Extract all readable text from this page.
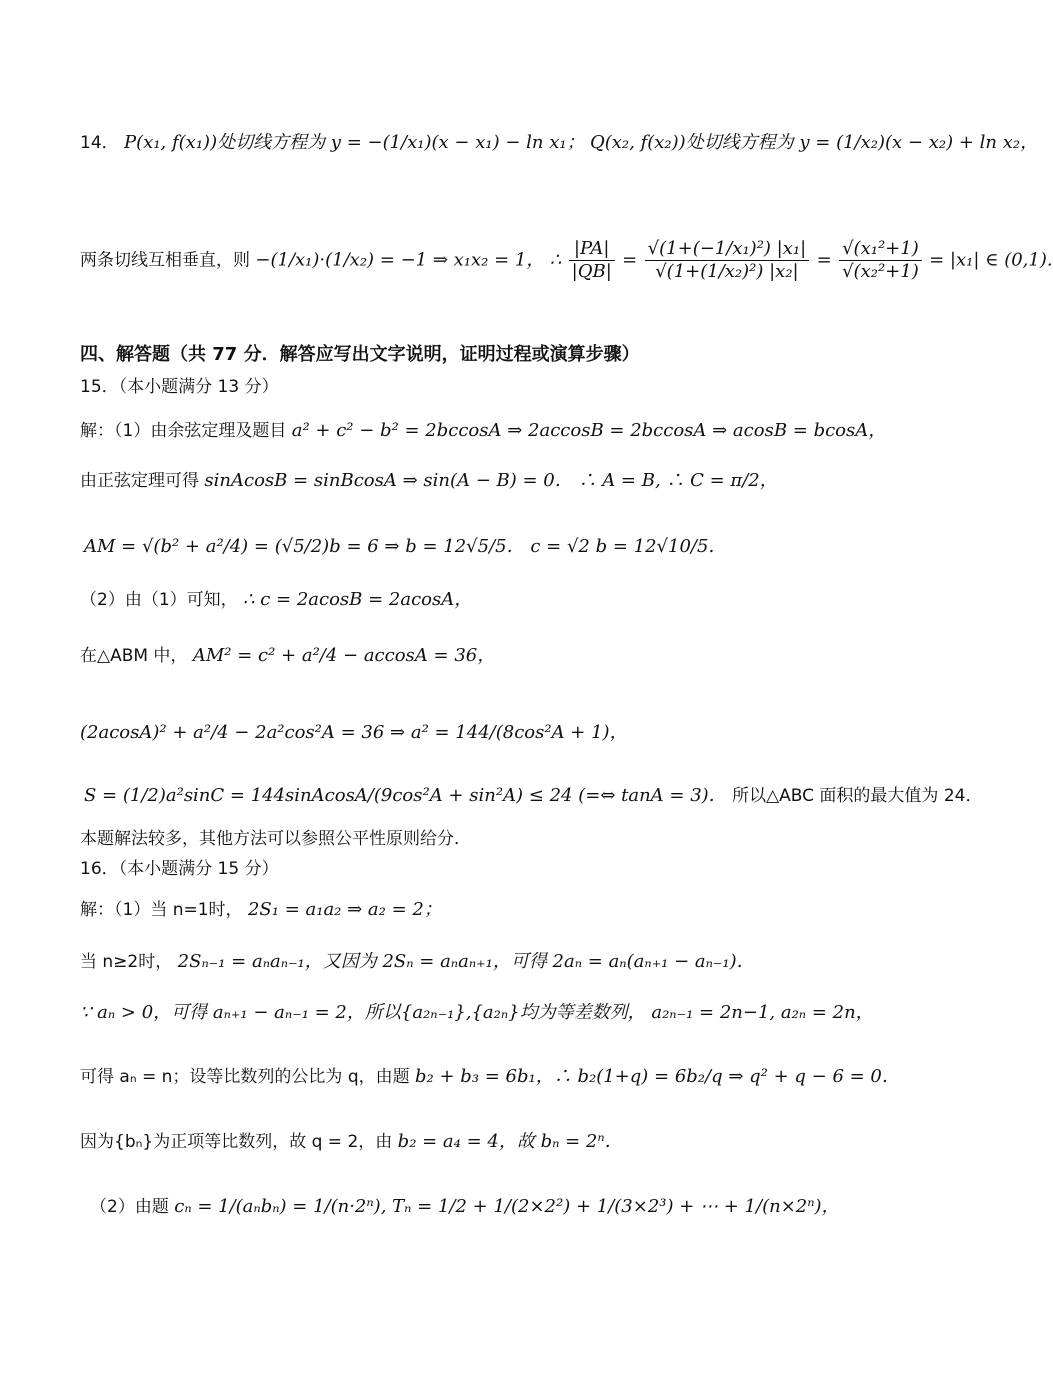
14． P(x₁, f(x₁))处切线方程为 y = −(1/x₁)(x − x₁) − ln x₁； Q(x₂, f(x₂))处切线方程为 y = (1/x₂)(x − x₂) + ln x₂，
两条切线互相垂直，则 −(1/x₁)·(1/x₂) = −1 ⇒ x₁x₂ = 1， ∴ $\frac{|PA|}{|QB|} = \frac{\text{√(1+(−1/x₁)²) |x₁|}}{\text{√(1+(1/x₂)²) |x₂|}} = \frac{\text{√(x₁²+1)}}{\text{√(x₂²+1)}} = |x_1|$ ∈ (0,1).
四、解答题（共 77 分．解答应写出文字说明，证明过程或演算步骤）
15．（本小题满分 13 分）
解：（1）由余弦定理及题目 a² + c² − b² = 2bccosA ⇒ 2accosB = 2bccosA ⇒ acosB = bcosA，
由正弦定理可得 sinAcosB = sinBcosA ⇒ sin(A − B) = 0． ∴ A = B, ∴ C = π/2，
AM = √(b² + a²/4) = (√5/2)b = 6 ⇒ b = 12√5/5． c = √2 b = 12√10/5．
（2）由（1）可知， ∴ c = 2acosB = 2acosA，
在△ABM 中， AM² = c² + a²/4 − accosA = 36，
(2acosA)² + a²/4 − 2a²cos²A = 36 ⇒ a² = 144/(8cos²A + 1)，
S = (1/2)a²sinC = 144sinAcosA/(9cos²A + sin²A) ≤ 24 (=⇔ tanA = 3)． 所以△ABC 面积的最大值为 24．
本题解法较多，其他方法可以参照公平性原则给分．
16．（本小题满分 15 分）
解：（1）当 n=1时， 2S₁ = a₁a₂ ⇒ a₂ = 2；
当 n≥2时， 2Sₙ₋₁ = aₙaₙ₋₁，又因为 2Sₙ = aₙaₙ₊₁，可得 2aₙ = aₙ(aₙ₊₁ − aₙ₋₁)．
∵ aₙ > 0，可得 aₙ₊₁ − aₙ₋₁ = 2，所以{a₂ₙ₋₁},{a₂ₙ}均为等差数列， a₂ₙ₋₁ = 2n−1, a₂ₙ = 2n，
可得 aₙ = n；设等比数列的公比为 q，由题 b₂ + b₃ = 6b₁，∴ b₂(1+q) = 6b₂/q ⇒ q² + q − 6 = 0．
因为{bₙ}为正项等比数列，故 q = 2，由 b₂ = a₄ = 4，故 bₙ = 2ⁿ．
（2）由题 cₙ = 1/(aₙbₙ) = 1/(n·2ⁿ), Tₙ = 1/2 + 1/(2×2²) + 1/(3×2³) + ⋯ + 1/(n×2ⁿ)，
